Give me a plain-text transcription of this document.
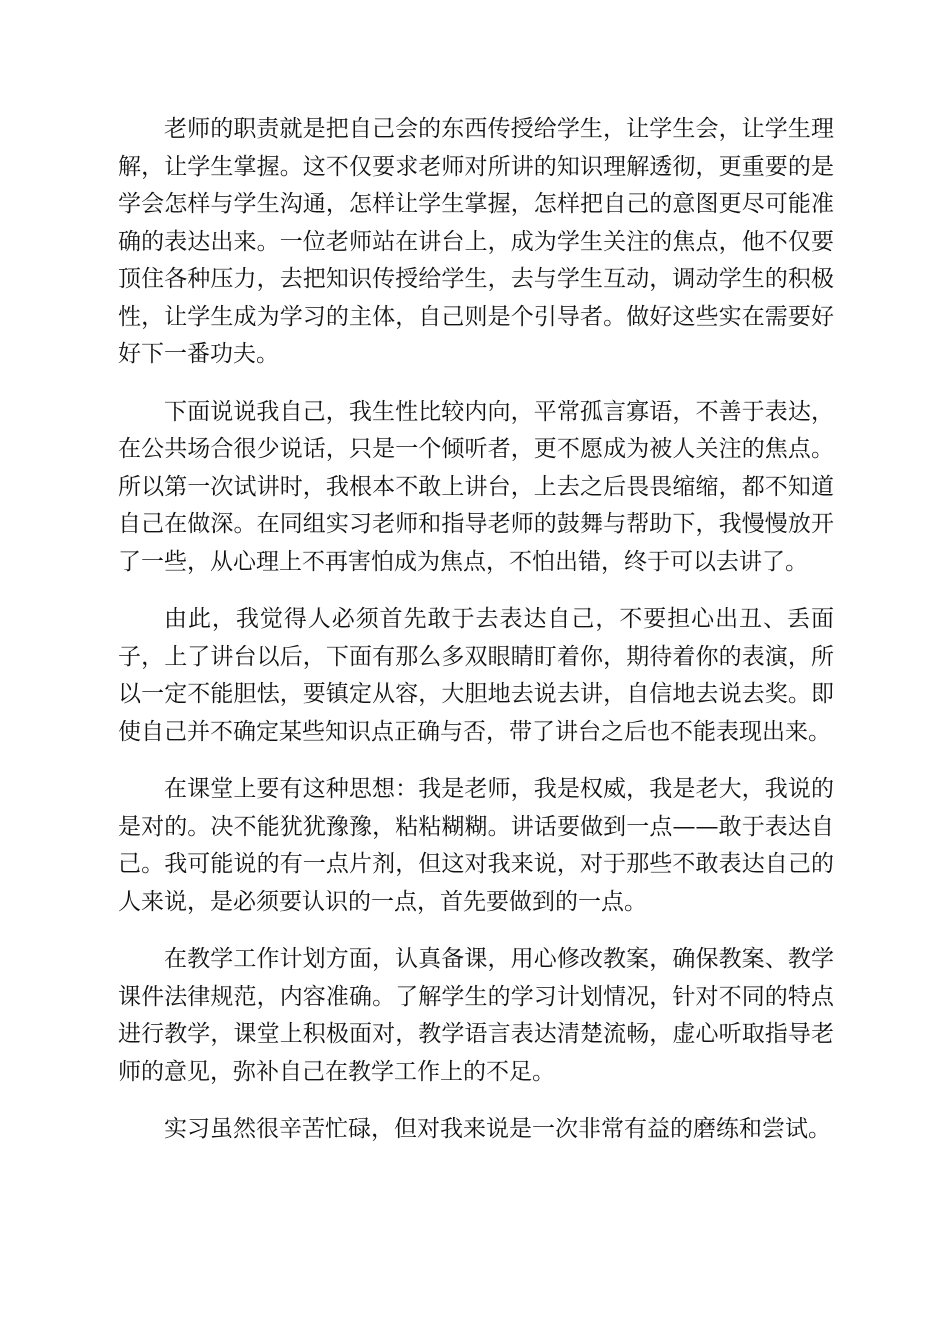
老师的职责就是把自己会的东西传授给学生，让学生会，让学生理解，让学生掌握。这不仅要求老师对所讲的知识理解透彻，更重要的是学会怎样与学生沟通，怎样让学生掌握，怎样把自己的意图更尽可能准确的表达出来。一位老师站在讲台上，成为学生关注的焦点，他不仅要顶住各种压力，去把知识传授给学生，去与学生互动，调动学生的积极性，让学生成为学习的主体，自己则是个引导者。做好这些实在需要好好下一番功夫。

下面说说我自己，我生性比较内向，平常孤言寡语，不善于表达，在公共场合很少说话，只是一个倾听者，更不愿成为被人关注的焦点。所以第一次试讲时，我根本不敢上讲台，上去之后畏畏缩缩，都不知道自己在做深。在同组实习老师和指导老师的鼓舞与帮助下，我慢慢放开了一些，从心理上不再害怕成为焦点，不怕出错，终于可以去讲了。

由此，我觉得人必须首先敢于去表达自己，不要担心出丑、丢面子，上了讲台以后，下面有那么多双眼睛盯着你，期待着你的表演，所以一定不能胆怯，要镇定从容，大胆地去说去讲，自信地去说去奖。即使自己并不确定某些知识点正确与否，带了讲台之后也不能表现出来。

在课堂上要有这种思想：我是老师，我是权威，我是老大，我说的是对的。决不能犹犹豫豫，粘粘糊糊。讲话要做到一点——敢于表达自己。我可能说的有一点片剂，但这对我来说，对于那些不敢表达自己的人来说，是必须要认识的一点，首先要做到的一点。

在教学工作计划方面，认真备课，用心修改教案，确保教案、教学课件法律规范，内容准确。了解学生的学习计划情况，针对不同的特点进行教学，课堂上积极面对，教学语言表达清楚流畅，虚心听取指导老师的意见，弥补自己在教学工作上的不足。

实习虽然很辛苦忙碌，但对我来说是一次非常有益的磨练和尝试。
